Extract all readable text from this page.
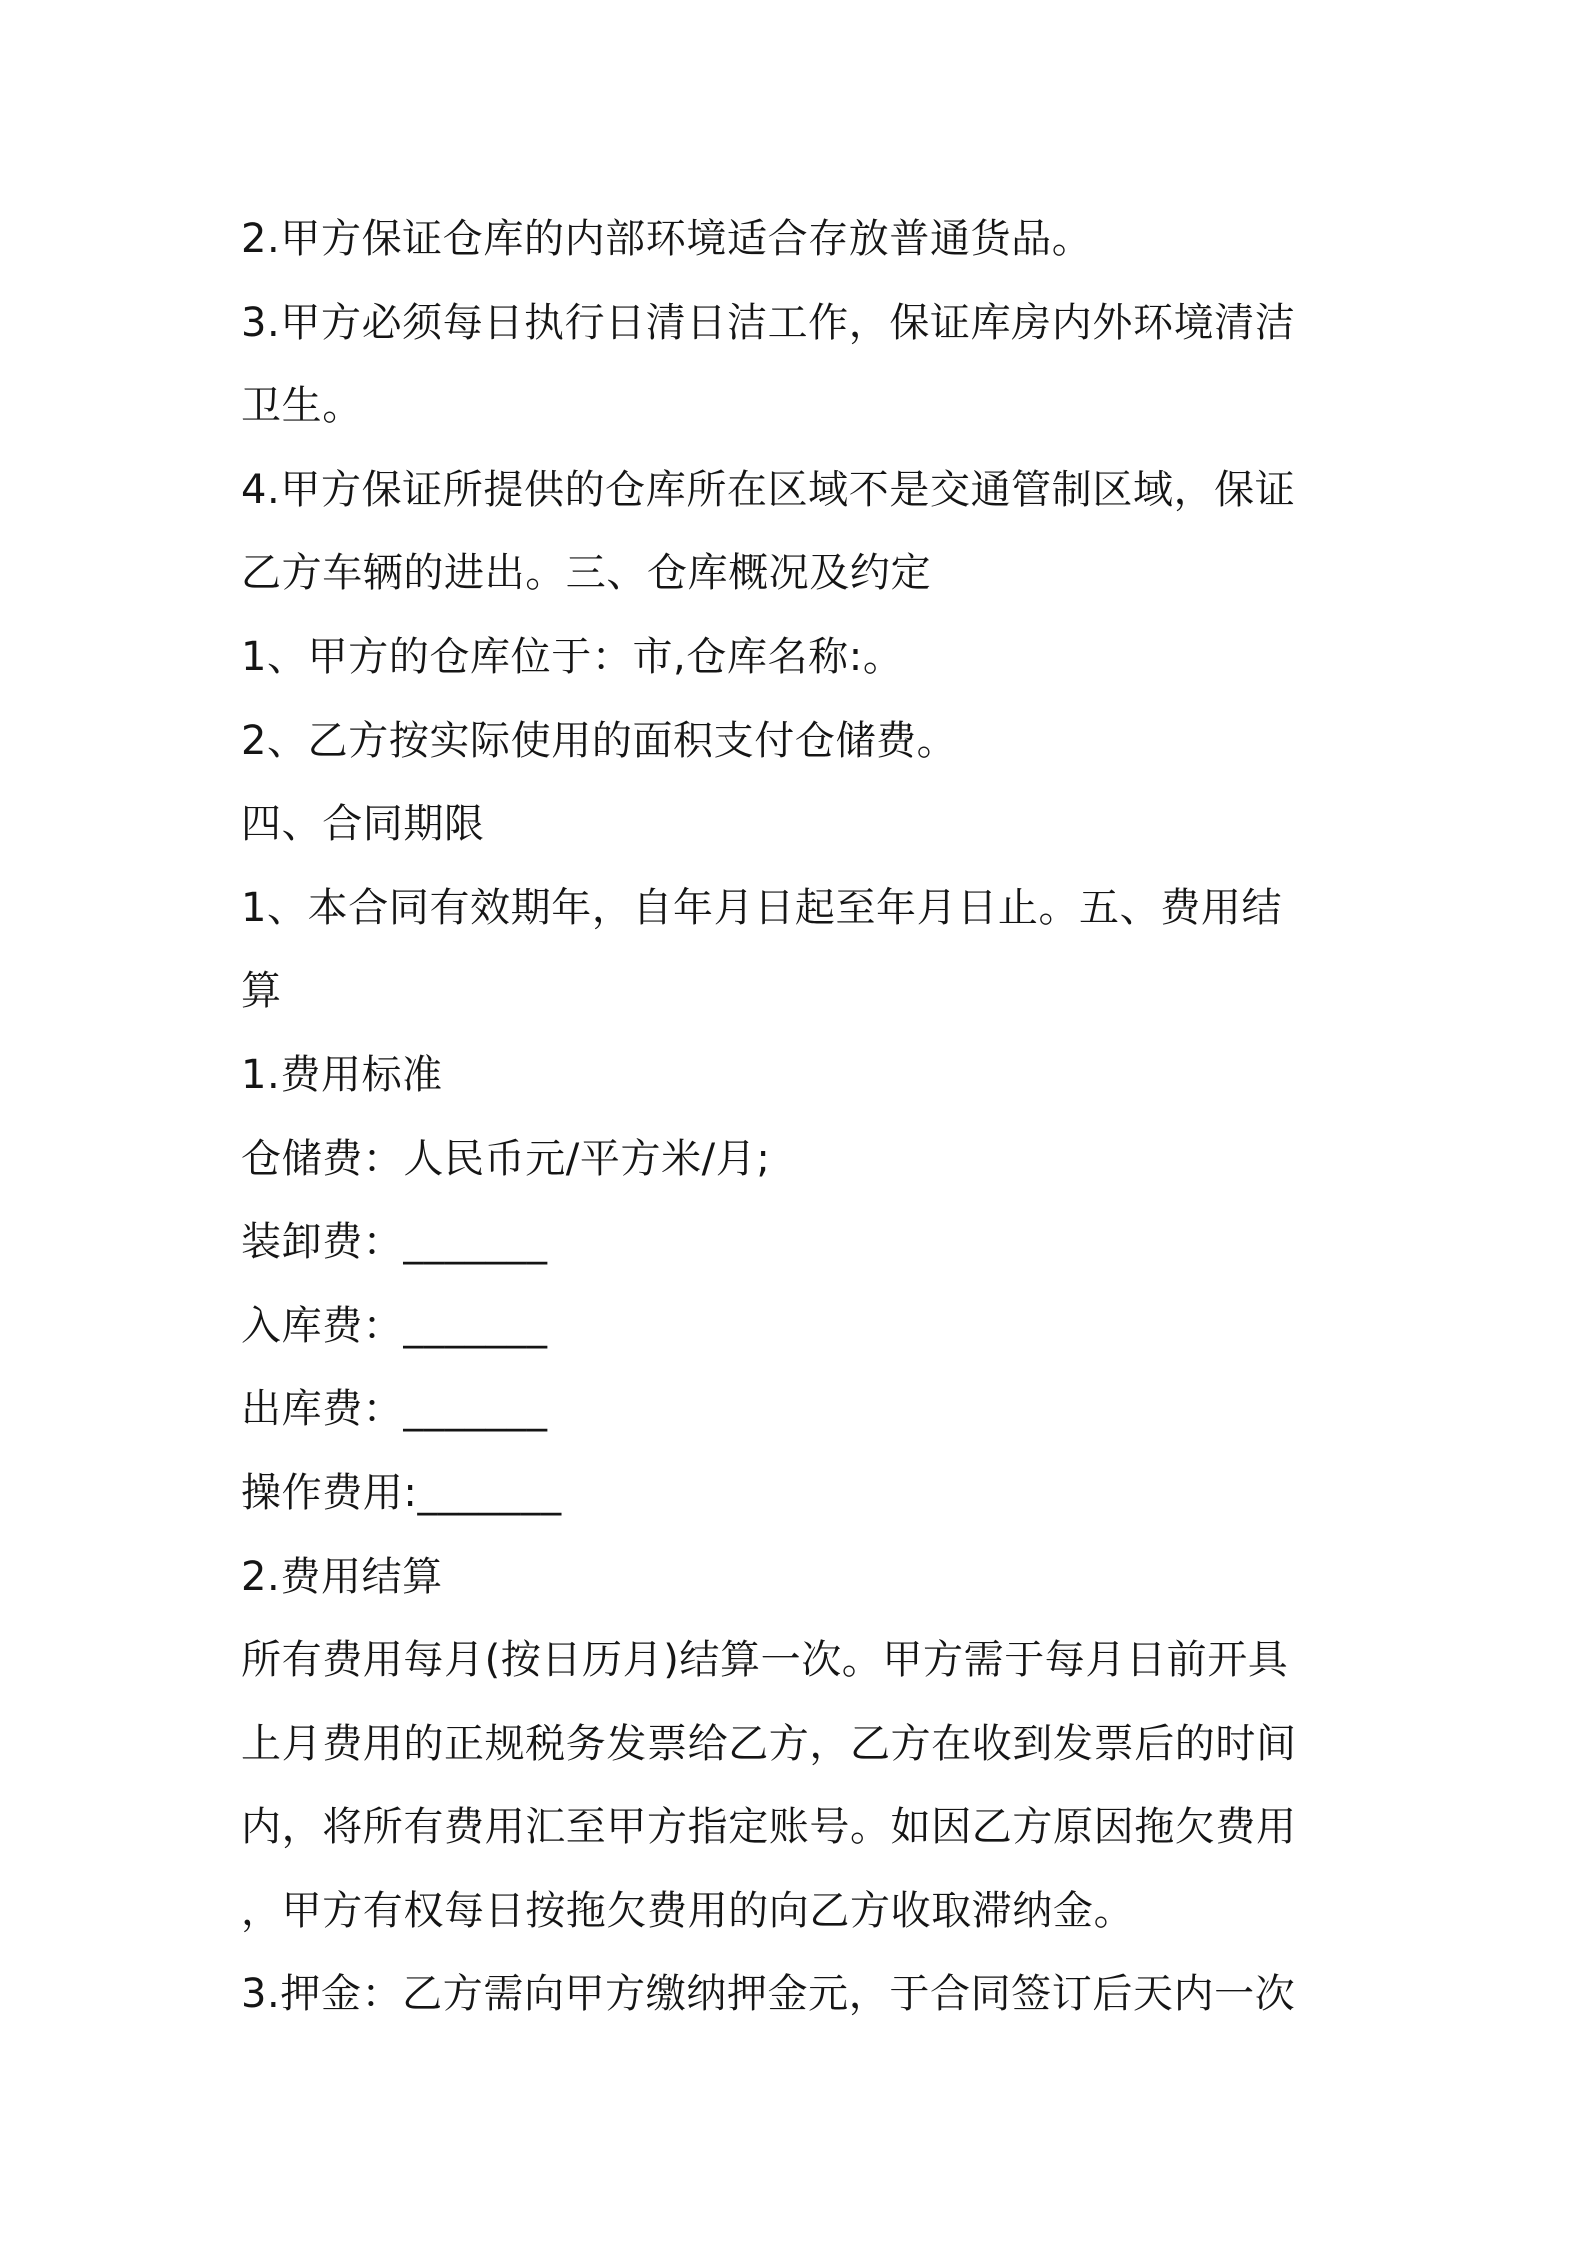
2.甲方保证仓库的内部环境适合存放普通货品。
3.甲方必须每日执行日清日洁工作，保证库房内外环境清洁
卫生。
4.甲方保证所提供的仓库所在区域不是交通管制区域，保证
乙方车辆的进出。三、仓库概况及约定
1、甲方的仓库位于：市,仓库名称:。
2、乙方按实际使用的面积支付仓储费。
四、合同期限
1、本合同有效期年，自年月日起至年月日止。五、费用结
算
1.费用标准
仓储费：人民币元/平方米/月;
装卸费：_______
入库费：_______
出库费：_______
操作费用:_______
2.费用结算
所有费用每月(按日历月)结算一次。甲方需于每月日前开具
上月费用的正规税务发票给乙方，乙方在收到发票后的时间
内，将所有费用汇至甲方指定账号。如因乙方原因拖欠费用
，甲方有权每日按拖欠费用的向乙方收取滞纳金。
3.押金：乙方需向甲方缴纳押金元，于合同签订后天内一次
